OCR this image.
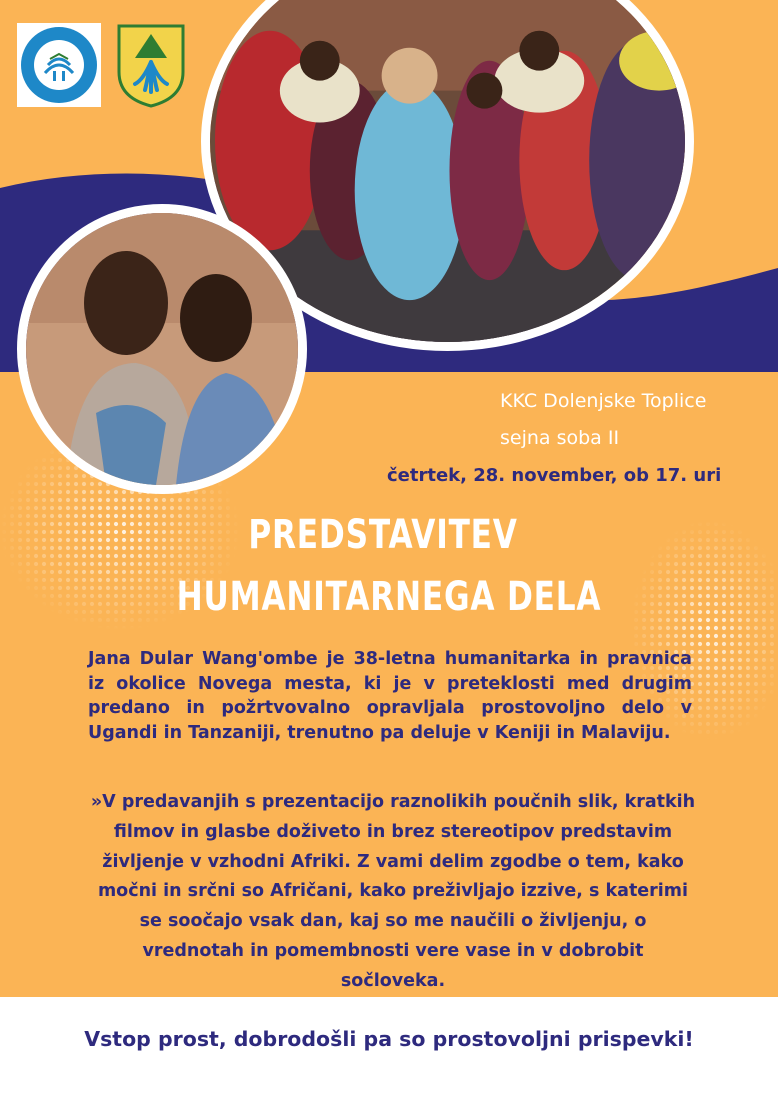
KKC Dolenjske Toplice
sejna soba II
četrtek, 28. november, ob 17. uri
PREDSTAVITEV
HUMANITARNEGA DELA
Jana Dular Wang'ombe je 38-letna humanitarka in pravnica iz okolice Novega mesta, ki je v preteklosti med drugim predano in požrtvovalno opravljala prostovoljno delo v Ugandi in Tanzaniji, trenutno pa deluje v Keniji in Malaviju.
»V predavanjih s prezentacijo raznolikih poučnih slik, kratkih filmov in glasbe doživeto in brez stereotipov predstavim življenje v vzhodni Afriki. Z vami delim zgodbe o tem, kako močni in srčni so Afričani, kako preživljajo izzive, s katerimi se soočajo vsak dan, kaj so me naučili o življenju, o vrednotah in pomembnosti vere vase in v dobrobit sočloveka.
Vstop prost, dobrodošli pa so prostovoljni prispevki!
